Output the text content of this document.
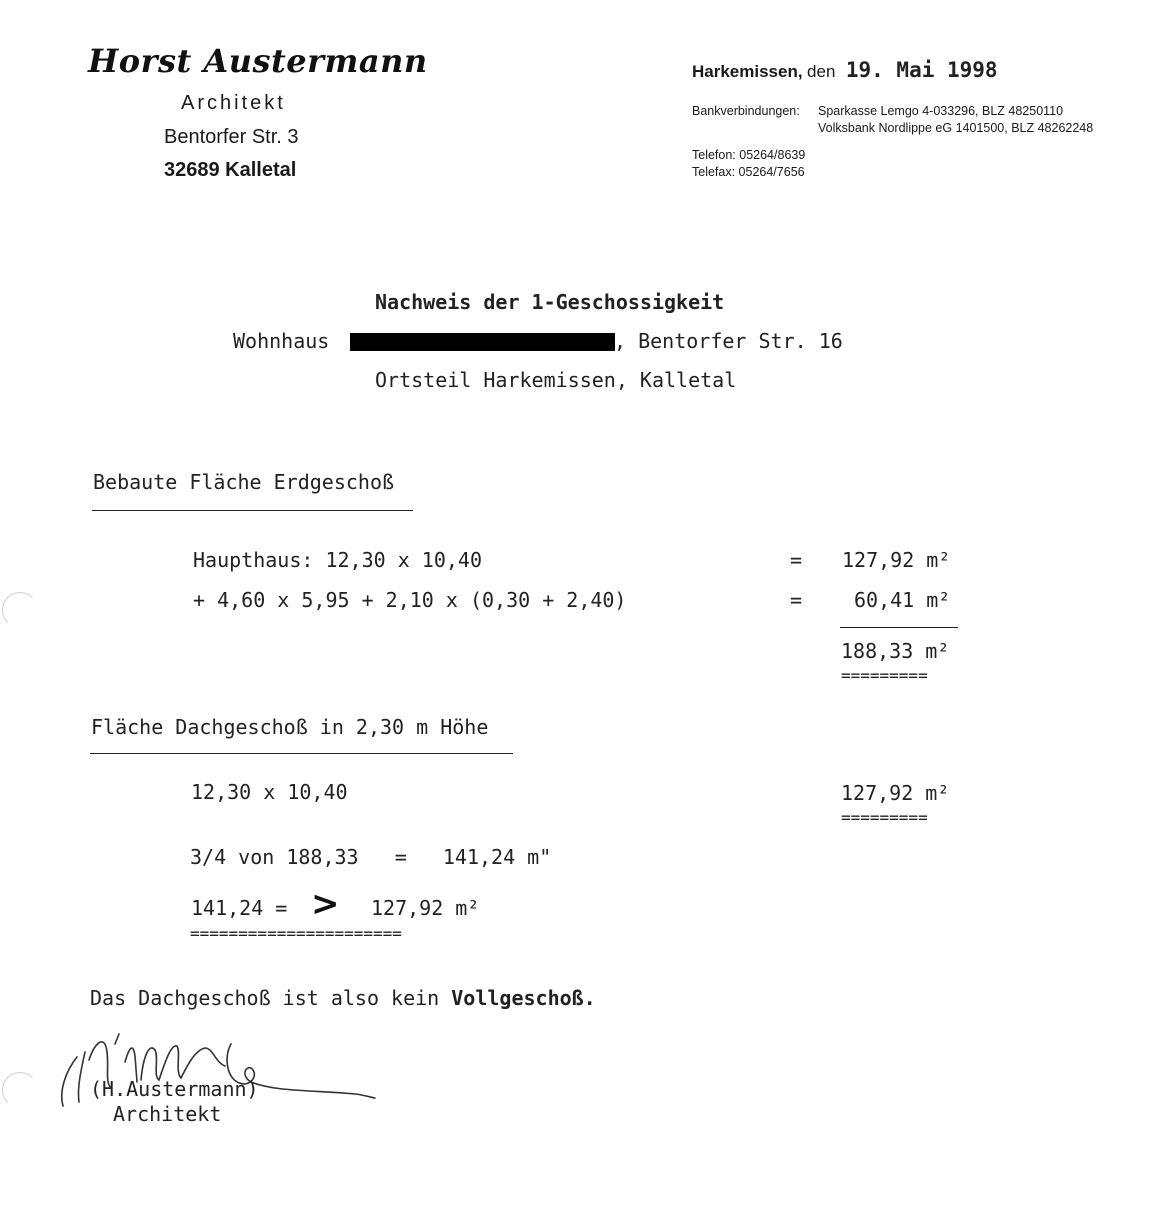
Horst Austermann
Architekt
Bentorfer Str. 3
32689 Kalletal
Harkemissen, den 19. Mai 1998
Bankverbindungen: Sparkasse Lemgo 4-033296, BLZ 48250110
Volksbank Nordlippe eG 1401500, BLZ 48262248
Telefon: 05264/8639
Telefax: 05264/7656
Nachweis der 1-Geschossigkeit
Wohnhaus	, Bentorfer Str. 16
Ortsteil Harkemissen, Kalletal
Bebaute Fläche Erdgeschoß
Haupthaus: 12,30 x 10,40	= 127,92 m²
+ 4,60 x 5,95 + 2,10 x (0,30 + 2,40)	=	60,41 m²
188,33 m²
=========
Fläche Dachgeschoß in 2,30 m Höhe
12,30 x 10,40	127,92 m²
=========
3/4 von 188,33   =   141,24 m"
141,24 = > 127,92 m²
======================
Das Dachgeschoß ist also kein Vollgeschoß.
(H.Austermann)
Architekt
